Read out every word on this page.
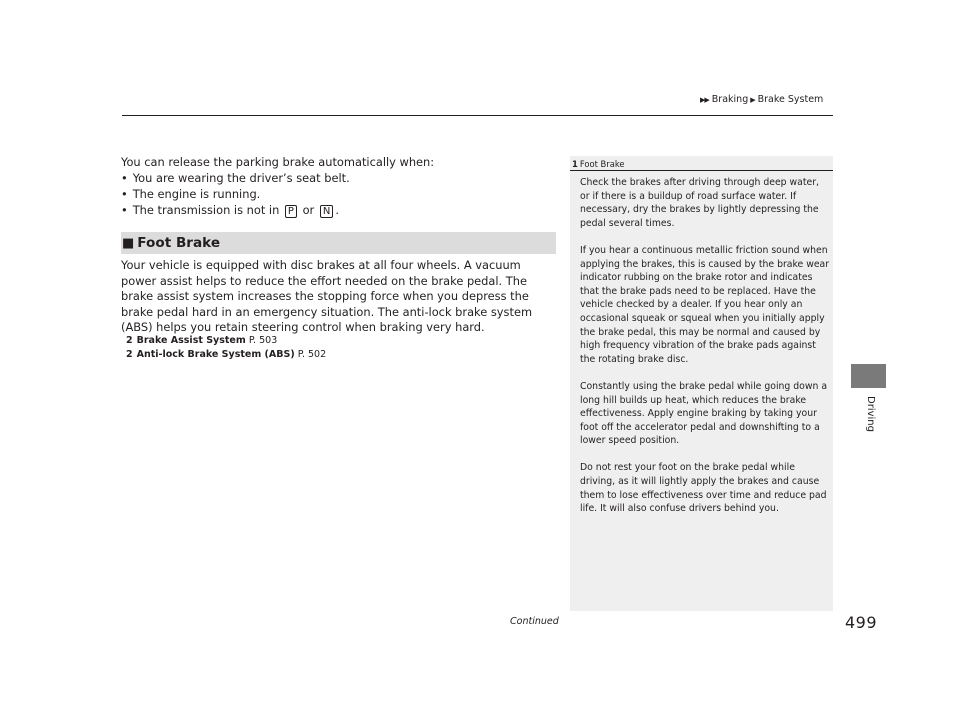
▶▶ Braking ▶ Brake System
Driving

You can release the parking brake automatically when:

• You are wearing the driver’s seat belt.
• The engine is running.
• The transmission is not in P or N .
■ Foot Brake

Your vehicle is equipped with disc brakes at all four wheels. A vacuum power assist helps to reduce the effort needed on the brake pedal. The brake assist system increases the stopping force when you depress the brake pedal hard in an emergency situation. The anti-lock brake system (ABS) helps you retain steering control when braking very hard.

2 Brake Assist System P. 503
2 Anti-lock Brake System (ABS) P. 502
1 Foot Brake

Check the brakes after driving through deep water, or if there is a buildup of road surface water. If necessary, dry the brakes by lightly depressing the pedal several times.

If you hear a continuous metallic friction sound when applying the brakes, this is caused by the brake wear indicator rubbing on the brake rotor and indicates that the brake pads need to be replaced. Have the vehicle checked by a dealer. If you hear only an occasional squeak or squeal when you initially apply the brake pedal, this may be normal and caused by high frequency vibration of the brake pads against the rotating brake disc.

Constantly using the brake pedal while going down a long hill builds up heat, which reduces the brake effectiveness. Apply engine braking by taking your foot off the accelerator pedal and downshifting to a lower speed position.

Do not rest your foot on the brake pedal while driving, as it will lightly apply the brakes and cause them to lose effectiveness over time and reduce pad life. It will also confuse drivers behind you.

Continued	499
